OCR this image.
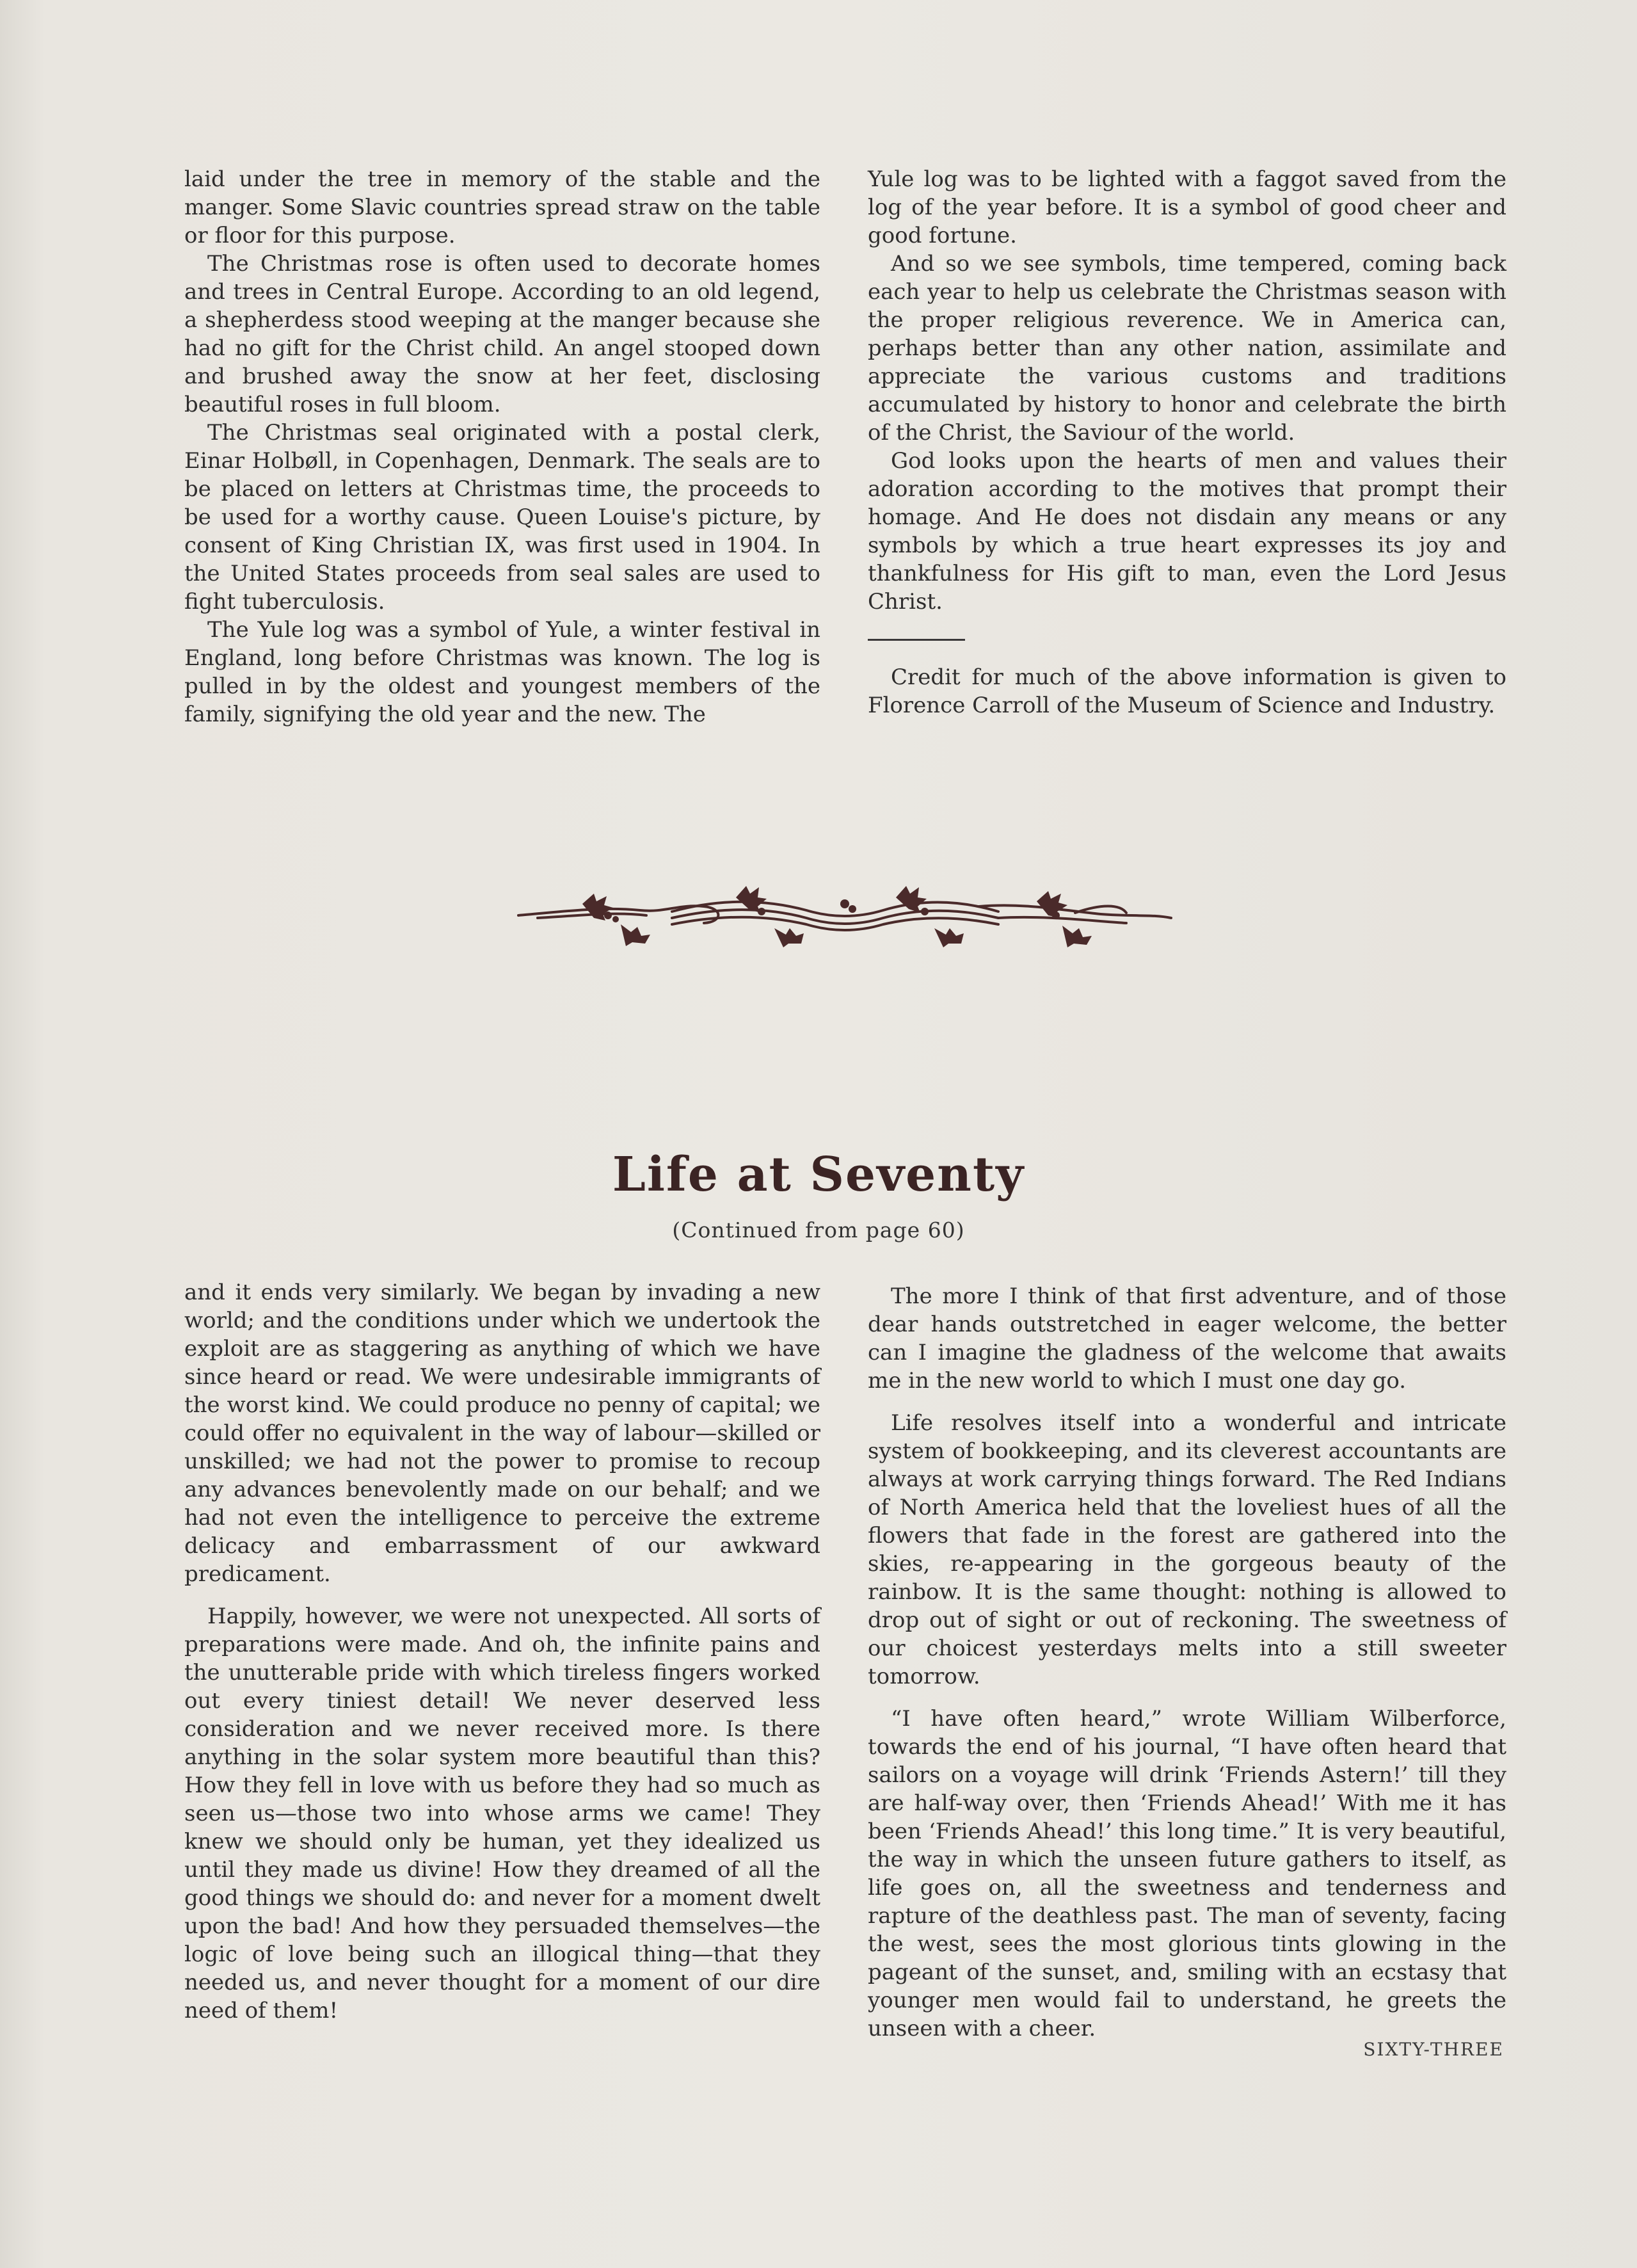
laid under the tree in memory of the stable and the manger. Some Slavic countries spread straw on the table or floor for this purpose.

The Christmas rose is often used to decorate homes and trees in Central Europe. According to an old legend, a shepherdess stood weeping at the manger because she had no gift for the Christ child. An angel stooped down and brushed away the snow at her feet, disclosing beautiful roses in full bloom.

The Christmas seal originated with a postal clerk, Einar Holbøll, in Copenhagen, Denmark. The seals are to be placed on letters at Christmas time, the proceeds to be used for a worthy cause. Queen Louise's picture, by consent of King Christian IX, was first used in 1904. In the United States proceeds from seal sales are used to fight tuberculosis.

The Yule log was a symbol of Yule, a winter festival in England, long before Christmas was known. The log is pulled in by the oldest and youngest members of the family, signifying the old year and the new. The

Yule log was to be lighted with a faggot saved from the log of the year before. It is a symbol of good cheer and good fortune.

And so we see symbols, time tempered, coming back each year to help us celebrate the Christmas season with the proper religious reverence. We in America can, perhaps better than any other nation, assimilate and appreciate the various customs and traditions accumulated by history to honor and celebrate the birth of the Christ, the Saviour of the world.

God looks upon the hearts of men and values their adoration according to the motives that prompt their homage. And He does not disdain any means or any symbols by which a true heart expresses its joy and thankfulness for His gift to man, even the Lord Jesus Christ.

Credit for much of the above information is given to Florence Carroll of the Museum of Science and Industry.

Life at Seventy
(Continued from page 60)

and it ends very similarly. We began by invading a new world; and the conditions under which we undertook the exploit are as staggering as anything of which we have since heard or read. We were undesirable immigrants of the worst kind. We could produce no penny of capital; we could offer no equivalent in the way of labour—skilled or unskilled; we had not the power to promise to recoup any advances benevolently made on our behalf; and we had not even the intelligence to perceive the extreme delicacy and embarrassment of our awkward predicament.

Happily, however, we were not unexpected. All sorts of preparations were made. And oh, the infinite pains and the unutterable pride with which tireless fingers worked out every tiniest detail! We never deserved less consideration and we never received more. Is there anything in the solar system more beautiful than this? How they fell in love with us before they had so much as seen us—those two into whose arms we came! They knew we should only be human, yet they idealized us until they made us divine! How they dreamed of all the good things we should do: and never for a moment dwelt upon the bad! And how they persuaded themselves—the logic of love being such an illogical thing—that they needed us, and never thought for a moment of our dire need of them!

The more I think of that first adventure, and of those dear hands outstretched in eager welcome, the better can I imagine the gladness of the welcome that awaits me in the new world to which I must one day go.

Life resolves itself into a wonderful and intricate system of bookkeeping, and its cleverest accountants are always at work carrying things forward. The Red Indians of North America held that the loveliest hues of all the flowers that fade in the forest are gathered into the skies, re-appearing in the gorgeous beauty of the rainbow. It is the same thought: nothing is allowed to drop out of sight or out of reckoning. The sweetness of our choicest yesterdays melts into a still sweeter tomorrow.

“I have often heard,” wrote William Wilberforce, towards the end of his journal, “I have often heard that sailors on a voyage will drink ‘Friends Astern!’ till they are half-way over, then ‘Friends Ahead!’ With me it has been ‘Friends Ahead!’ this long time.” It is very beautiful, the way in which the unseen future gathers to itself, as life goes on, all the sweetness and tenderness and rapture of the deathless past. The man of seventy, facing the west, sees the most glorious tints glowing in the pageant of the sunset, and, smiling with an ecstasy that younger men would fail to understand, he greets the unseen with a cheer.

SIXTY-THREE
